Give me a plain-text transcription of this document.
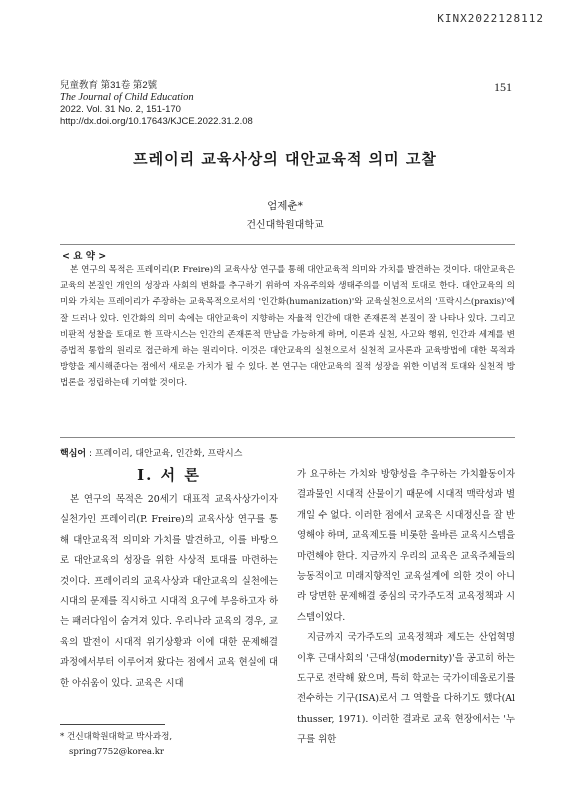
KINX2022128112
兒童敎育 第31卷 第2號
The Journal of Child Education
2022. Vol. 31 No. 2, 151-170
http://dx.doi.org/10.17643/KJCE.2022.31.2.08
151
프레이리 교육사상의 대안교육적 의미 고찰
엄제춘*
건신대학원대학교
< 요 약 >
본 연구의 목적은 프레이리(P. Freire)의 교육사상 연구를 통해 대안교육적 의미와 가치를 발견하는 것이다. 대안교육은 교육의 본질인 개인의 성장과 사회의 변화를 추구하기 위하여 자유주의와 생태주의를 이념적 토대로 한다. 대안교육의 의미와 가치는 프레이리가 주장하는 교육목적으로서의 '인간화(humanization)'와 교육실천으로서의 '프락시스(praxis)'에 잘 드러나 있다. 인간화의 의미 속에는 대안교육이 지향하는 자율적 인간에 대한 존재론적 본질이 잘 나타나 있다. 그리고 비판적 성찰을 토대로 한 프락시스는 인간의 존재론적 만남을 가능하게 하며, 이론과 실천, 사고와 행위, 인간과 세계를 변증법적 통합의 원리로 접근하게 하는 원리이다. 이것은 대안교육의 실천으로서 실천적 교사론과 교육방법에 대한 목적과 방향을 제시해준다는 점에서 새로운 가치가 될 수 있다. 본 연구는 대안교육의 질적 성장을 위한 이념적 토대와 실천적 방법론을 정립하는데 기여할 것이다.
핵심어 : 프레이리, 대안교육, 인간화, 프락시스
Ⅰ. 서 론
본 연구의 목적은 20세기 대표적 교육사상가이자 실천가인 프레이리(P. Freire)의 교육사상 연구를 통해 대안교육적 의미와 가치를 발견하고, 이를 바탕으로 대안교육의 성장을 위한 사상적 토대를 마련하는 것이다. 프레이리의 교육사상과 대안교육의 실천에는 시대의 문제를 직시하고 시대적 요구에 부응하고자 하는 패러다임이 숨겨져 있다. 우리나라 교육의 경우, 교육의 발전이 시대적 위기상황과 이에 대한 문제해결 과정에서부터 이루어져 왔다는 점에서 교육 현실에 대한 아쉬움이 있다. 교육은 시대

가 요구하는 가치와 방향성을 추구하는 가치활동이자 결과물인 시대적 산물이기 때문에 시대적 맥락성과 별개일 수 없다. 이러한 점에서 교육은 시대정신을 잘 반영해야 하며, 교육제도를 비롯한 올바른 교육시스템을 마련해야 한다. 지금까지 우리의 교육은 교육주체들의 능동적이고 미래지향적인 교육설계에 의한 것이 아니라 당면한 문제해결 중심의 국가주도적 교육정책과 시스템이었다.

지금까지 국가주도의 교육정책과 제도는 산업혁명 이후 근대사회의 '근대성(modernity)'을 공고히 하는 도구로 전락해 왔으며, 특히 학교는 국가이데올로기를 전수하는 기구(ISA)로서 그 역할을 다하기도 했다(Althusser, 1971). 이러한 결과로 교육 현장에서는 '누구를 위한

* 건신대학원대학교 박사과정,
spring7752@korea.kr
